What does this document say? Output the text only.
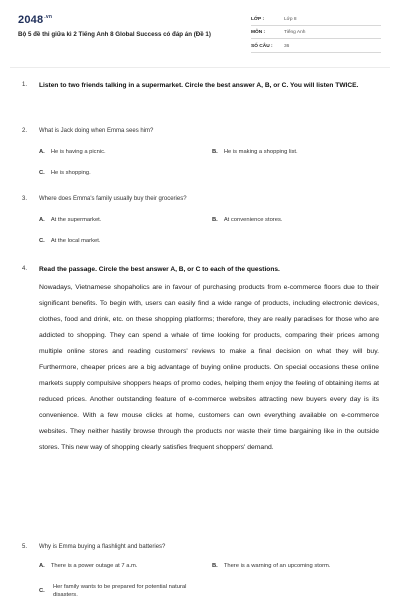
$2048^{.vn}$
Bộ 5 đề thi giữa kì 2 Tiếng Anh 8 Global Success có đáp án (Đề 1)
LỚP :	Lớp 8
MÔN :	Tiếng Anh
SỐ CÂU : 36
1. Listen to two friends talking in a supermarket. Circle the best answer A, B, or C. You will listen TWICE.
2. What is Jack doing when Emma sees him?
A. He is having a picnic.	B. He is making a shopping list.
C. He is shopping.
3. Where does Emma's family usually buy their groceries?
A. At the supermarket.	B. At convenience stores.
C. At the local market.
4. Read the passage. Circle the best answer A, B, or C to each of the questions.
Nowadays, Vietnamese shopaholics are in favour of purchasing products from e-commerce floors due to their significant benefits. To begin with, users can easily find a wide range of products, including electronic devices, clothes, food and drink, etc. on these shopping platforms; therefore, they are really paradises for those who are addicted to shopping. They can spend a whale of time looking for products, comparing their prices among multiple online stores and reading customers' reviews to make a final decision on what they will buy. Furthermore, cheaper prices are a big advantage of buying online products. On special occasions these online markets supply compulsive shoppers heaps of promo codes, helping them enjoy the feeling of obtaining items at reduced prices. Another outstanding feature of e-commerce websites attracting new buyers every day is its convenience. With a few mouse clicks at home, customers can own everything available on e-commerce websites. They neither hastily browse through the products nor waste their time bargaining like in the outside stores. This new way of shopping clearly satisfies frequent shoppers' demand.
5. Why is Emma buying a flashlight and batteries?
A. There is a power outage at 7 a.m.	B. There is a warning of an upcoming storm.
C.
Her family wants to be prepared for potential natural disasters.
